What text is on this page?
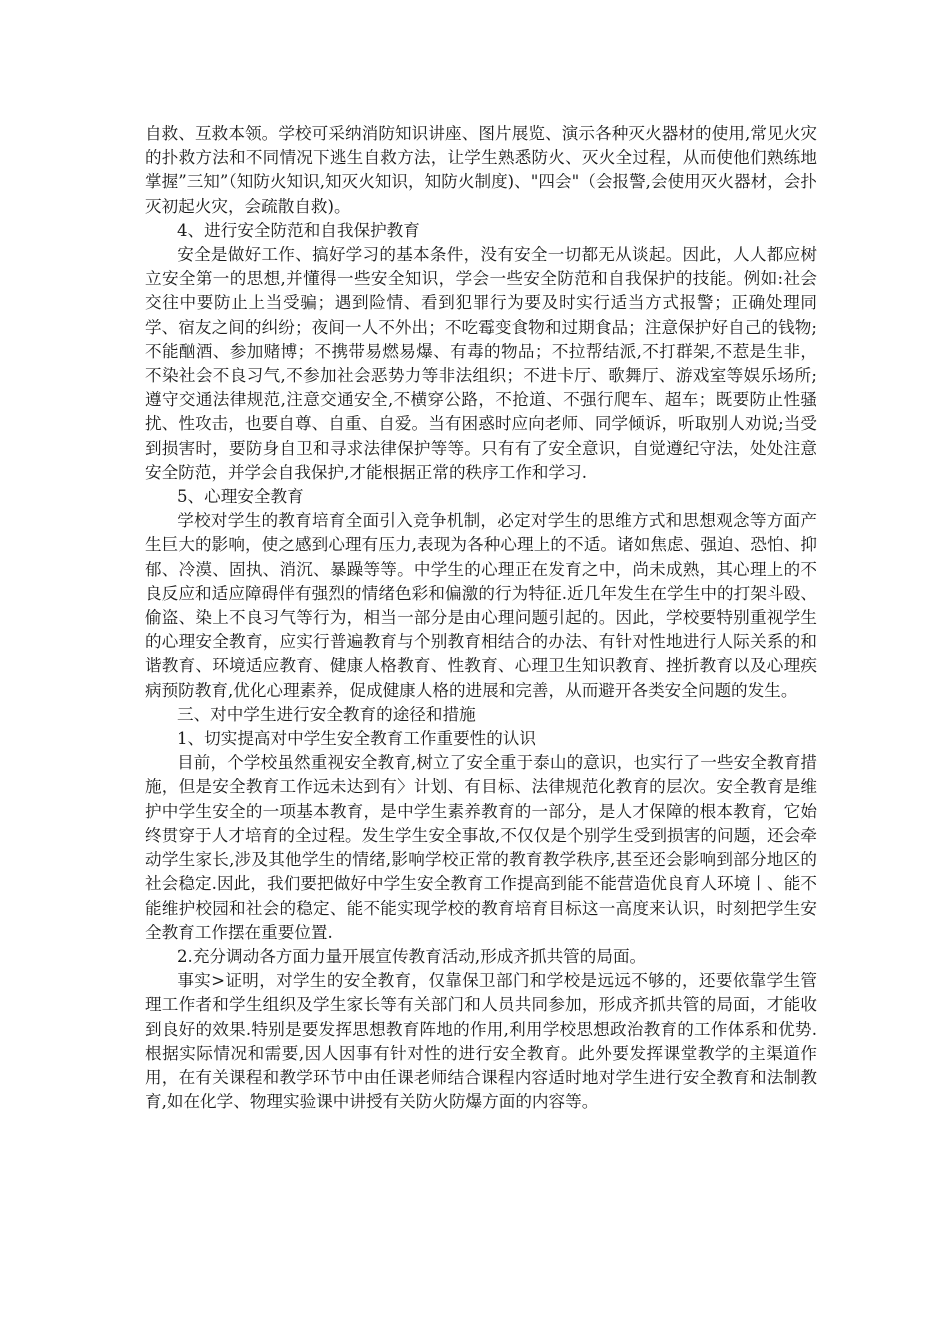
自救、互救本领。学校可采纳消防知识讲座、图片展览、演示各种灭火器材的使用,常见火灾的扑救方法和不同情况下逃生自救方法，让学生熟悉防火、灭火全过程，从而使他们熟练地掌握”三知”（知防火知识,知灭火知识，知防火制度)、"四会"（会报警,会使用灭火器材，会扑灭初起火灾，会疏散自救)。

4、进行安全防范和自我保护教育

安全是做好工作、搞好学习的基本条件，没有安全一切都无从谈起。因此，人人都应树立安全第一的思想,并懂得一些安全知识，学会一些安全防范和自我保护的技能。例如:社会交往中要防止上当受骗；遇到险情、看到犯罪行为要及时实行适当方式报警；正确处理同学、宿友之间的纠纷；夜间一人不外出；不吃霉变食物和过期食品；注意保护好自己的钱物;不能酗酒、参加赌博；不携带易燃易爆、有毒的物品；不拉帮结派,不打群架,不惹是生非，不染社会不良习气,不参加社会恶势力等非法组织；不进卡厅、歌舞厅、游戏室等娱乐场所;遵守交通法律规范,注意交通安全,不横穿公路，不抢道、不强行爬车、超车；既要防止性骚扰、性攻击，也要自尊、自重、自爱。当有困惑时应向老师、同学倾诉，听取别人劝说;当受到损害时，要防身自卫和寻求法律保护等等。只有有了安全意识，自觉遵纪守法，处处注意安全防范，并学会自我保护,才能根据正常的秩序工作和学习.

5、心理安全教育

学校对学生的教育培育全面引入竞争机制，必定对学生的思维方式和思想观念等方面产生巨大的影响，使之感到心理有压力,表现为各种心理上的不适。诸如焦虑、强迫、恐怕、抑郁、冷漠、固执、消沉、暴躁等等。中学生的心理正在发育之中，尚未成熟，其心理上的不良反应和适应障碍伴有强烈的情绪色彩和偏激的行为特征.近几年发生在学生中的打架斗殴、偷盗、染上不良习气等行为，相当一部分是由心理问题引起的。因此，学校要特别重视学生的心理安全教育，应实行普遍教育与个别教育相结合的办法、有针对性地进行人际关系的和谐教育、环境适应教育、健康人格教育、性教育、心理卫生知识教育、挫折教育以及心理疾病预防教育,优化心理素养，促成健康人格的进展和完善，从而避开各类安全问题的发生。

三、对中学生进行安全教育的途径和措施

1、切实提高对中学生安全教育工作重要性的认识

目前，个学校虽然重视安全教育,树立了安全重于泰山的意识，也实行了一些安全教育措施，但是安全教育工作远未达到有〉计划、有目标、法律规范化教育的层次。安全教育是维护中学生安全的一项基本教育，是中学生素养教育的一部分，是人才保障的根本教育，它始终贯穿于人才培育的全过程。发生学生安全事故,不仅仅是个别学生受到损害的问题，还会牵动学生家长,涉及其他学生的情绪,影响学校正常的教育教学秩序,甚至还会影响到部分地区的社会稳定.因此，我们要把做好中学生安全教育工作提高到能不能营造优良育人环境丨、能不能维护校园和社会的稳定、能不能实现学校的教育培育目标这一高度来认识，时刻把学生安全教育工作摆在重要位置.

2.充分调动各方面力量开展宣传教育活动,形成齐抓共管的局面。

事实>证明，对学生的安全教育，仅靠保卫部门和学校是远远不够的，还要依靠学生管理工作者和学生组织及学生家长等有关部门和人员共同参加，形成齐抓共管的局面，才能收到良好的效果.特别是要发挥思想教育阵地的作用,利用学校思想政治教育的工作体系和优势.根据实际情况和需要,因人因事有针对性的进行安全教育。此外要发挥课堂教学的主渠道作用，在有关课程和教学环节中由任课老师结合课程内容适时地对学生进行安全教育和法制教育,如在化学、物理实验课中讲授有关防火防爆方面的内容等。
